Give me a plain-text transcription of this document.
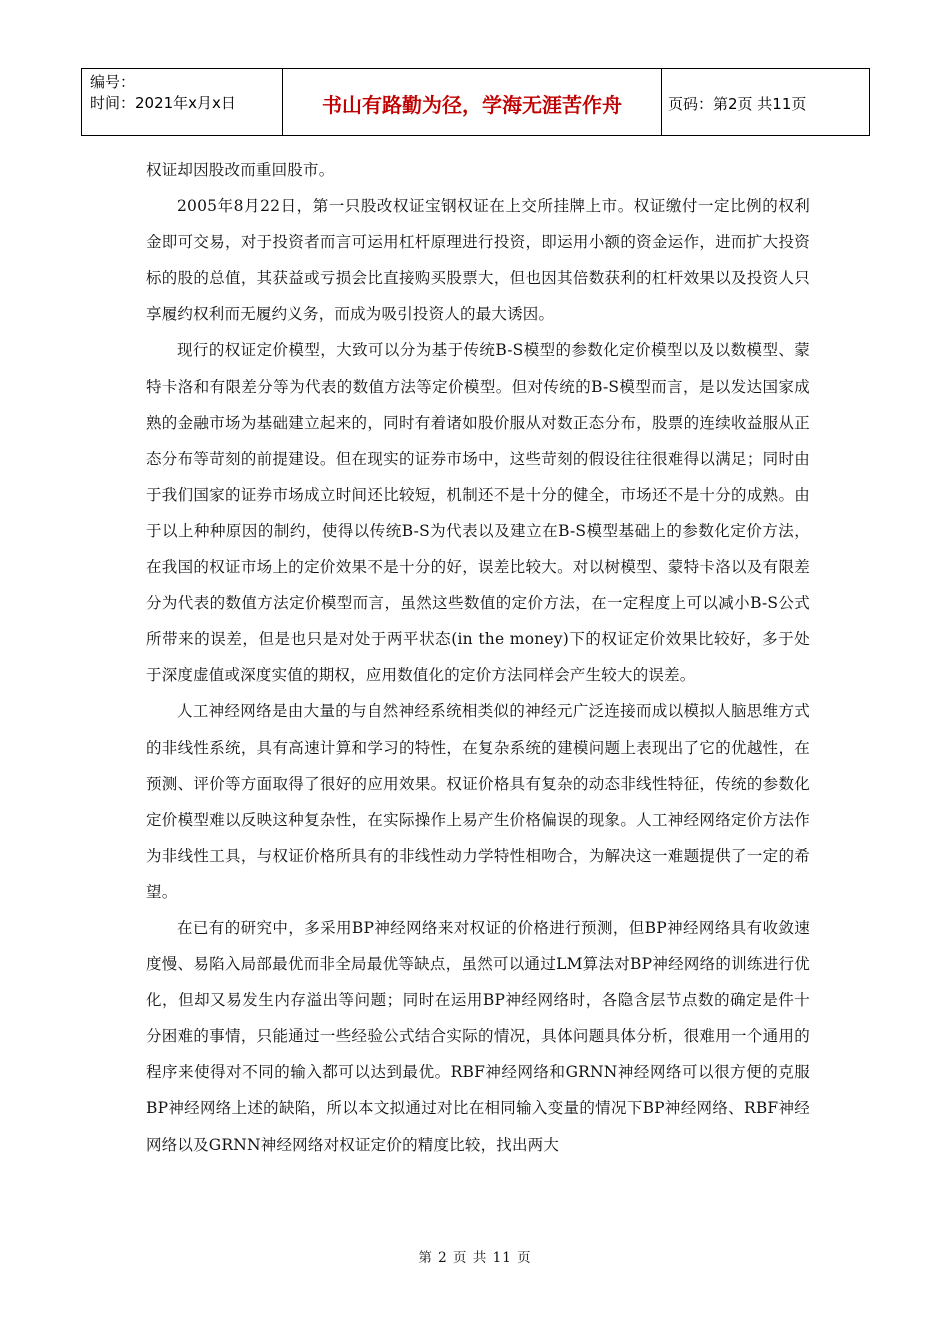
编号：
时间：2021年x月x日	书山有路勤为径，学海无涯苦作舟	页码：第2页 共11页

权证却因股改而重回股市。

2005年8月22日，第一只股改权证宝钢权证在上交所挂牌上市。权证缴付一定比例的权利金即可交易，对于投资者而言可运用杠杆原理进行投资，即运用小额的资金运作，进而扩大投资标的股的总值，其获益或亏损会比直接购买股票大，但也因其倍数获利的杠杆效果以及投资人只享履约权利而无履约义务，而成为吸引投资人的最大诱因。

现行的权证定价模型，大致可以分为基于传统B-S模型的参数化定价模型以及以数模型、蒙特卡洛和有限差分等为代表的数值方法等定价模型。但对传统的B-S模型而言，是以发达国家成熟的金融市场为基础建立起来的，同时有着诸如股价服从对数正态分布，股票的连续收益服从正态分布等苛刻的前提建设。但在现实的证券市场中，这些苛刻的假设往往很难得以满足；同时由于我们国家的证券市场成立时间还比较短，机制还不是十分的健全，市场还不是十分的成熟。由于以上种种原因的制约，使得以传统B-S为代表以及建立在B-S模型基础上的参数化定价方法，在我国的权证市场上的定价效果不是十分的好，误差比较大。对以树模型、蒙特卡洛以及有限差分为代表的数值方法定价模型而言，虽然这些数值的定价方法，在一定程度上可以减小B-S公式所带来的误差，但是也只是对处于两平状态(in the money)下的权证定价效果比较好，多于处于深度虚值或深度实值的期权，应用数值化的定价方法同样会产生较大的误差。

人工神经网络是由大量的与自然神经系统相类似的神经元广泛连接而成以模拟人脑思维方式的非线性系统，具有高速计算和学习的特性，在复杂系统的建模问题上表现出了它的优越性，在预测、评价等方面取得了很好的应用效果。权证价格具有复杂的动态非线性特征，传统的参数化定价模型难以反映这种复杂性，在实际操作上易产生价格偏误的现象。人工神经网络定价方法作为非线性工具，与权证价格所具有的非线性动力学特性相吻合，为解决这一难题提供了一定的希望。

在已有的研究中，多采用BP神经网络来对权证的价格进行预测，但BP神经网络具有收敛速度慢、易陷入局部最优而非全局最优等缺点，虽然可以通过LM算法对BP神经网络的训练进行优化，但却又易发生内存溢出等问题；同时在运用BP神经网络时，各隐含层节点数的确定是件十分困难的事情，只能通过一些经验公式结合实际的情况，具体问题具体分析，很难用一个通用的程序来使得对不同的输入都可以达到最优。RBF神经网络和GRNN神经网络可以很方便的克服BP神经网络上述的缺陷，所以本文拟通过对比在相同输入变量的情况下BP神经网络、RBF神经网络以及GRNN神经网络对权证定价的精度比较，找出两大

第 2 页 共 11 页
